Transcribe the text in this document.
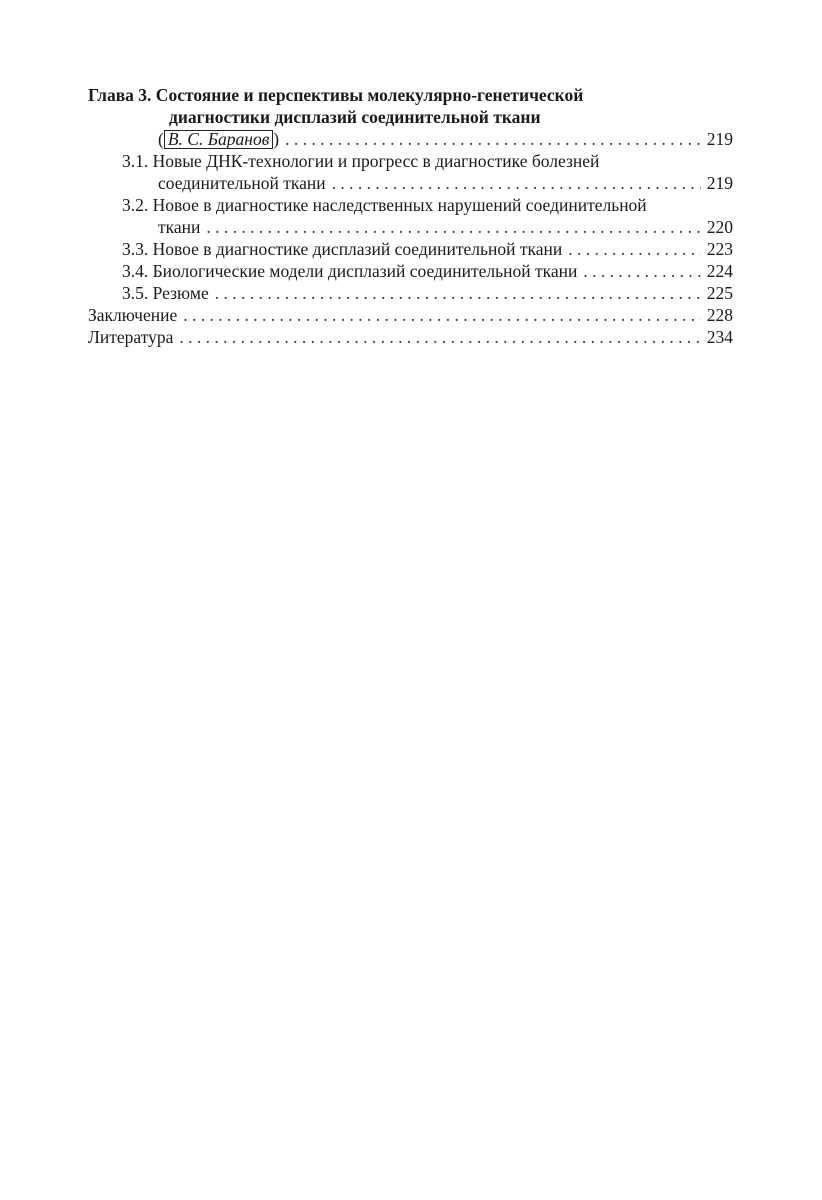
Глава 3. Состояние и перспективы молекулярно-генетической
диагностики дисплазий соединительной ткани
( В. С. Баранов ) . . .	219
3.1. Новые ДНК-технологии и прогресс в диагностике болезней
соединительной ткани . . .	219
3.2. Новое в диагностике наследственных нарушений соединительной
ткани . . .	220
3.3. Новое в диагностике дисплазий соединительной ткани . . .	223
3.4. Биологические модели дисплазий соединительной ткани . . .	224
3.5. Резюме . . .	225
Заключение . . .	228
Литература . . .	234
